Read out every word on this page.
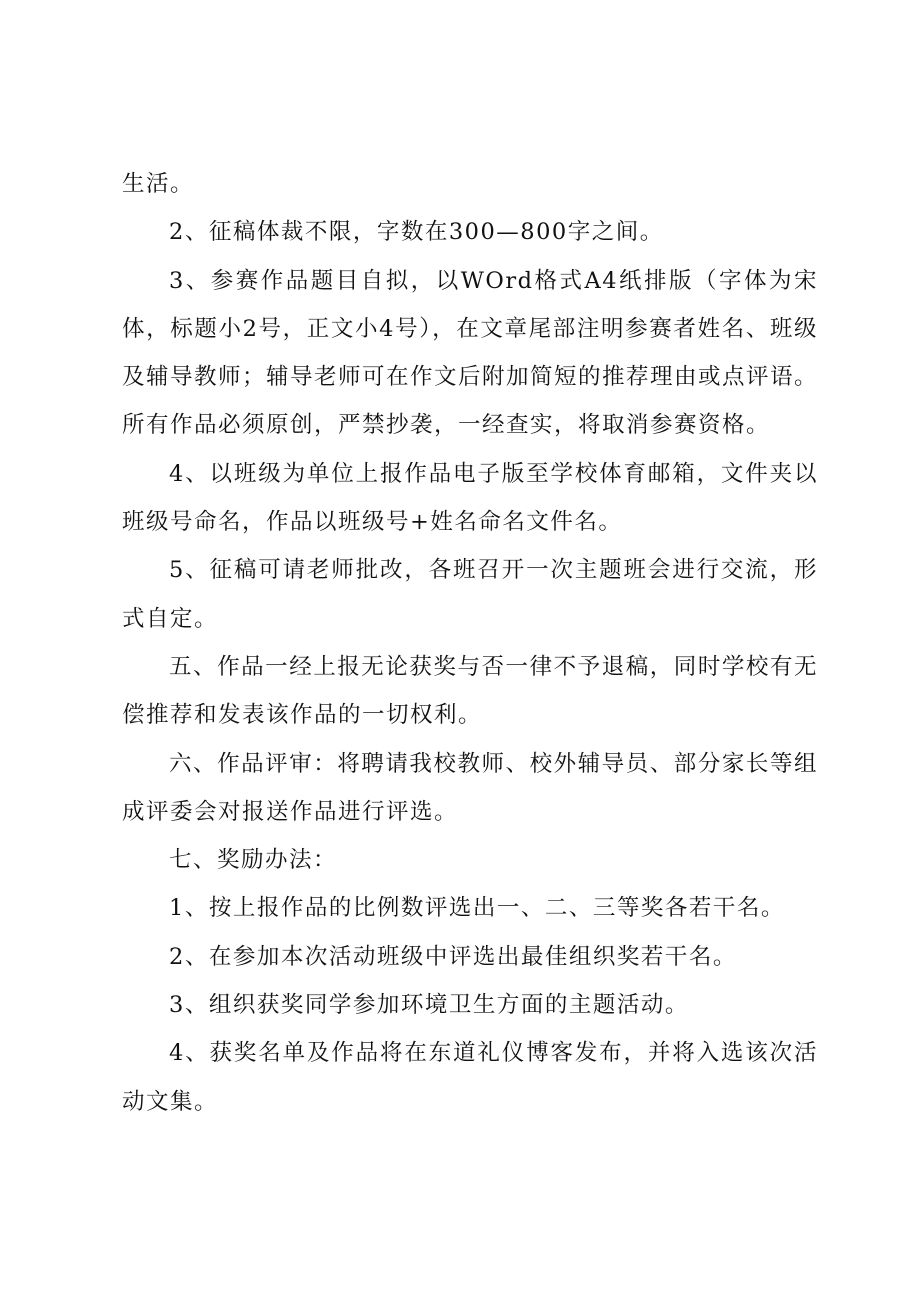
生活。

2、征稿体裁不限，字数在300—800字之间。

3、参赛作品题目自拟，以WOrd格式A4纸排版（字体为宋体，标题小2号，正文小4号），在文章尾部注明参赛者姓名、班级及辅导教师；辅导老师可在作文后附加简短的推荐理由或点评语。所有作品必须原创，严禁抄袭，一经查实，将取消参赛资格。

4、以班级为单位上报作品电子版至学校体育邮箱，文件夹以班级号命名，作品以班级号+姓名命名文件名。

5、征稿可请老师批改，各班召开一次主题班会进行交流，形式自定。

五、作品一经上报无论获奖与否一律不予退稿，同时学校有无偿推荐和发表该作品的一切权利。

六、作品评审：将聘请我校教师、校外辅导员、部分家长等组成评委会对报送作品进行评选。

七、奖励办法：

1、按上报作品的比例数评选出一、二、三等奖各若干名。

2、在参加本次活动班级中评选出最佳组织奖若干名。

3、组织获奖同学参加环境卫生方面的主题活动。

4、获奖名单及作品将在东道礼仪博客发布，并将入选该次活动文集。
